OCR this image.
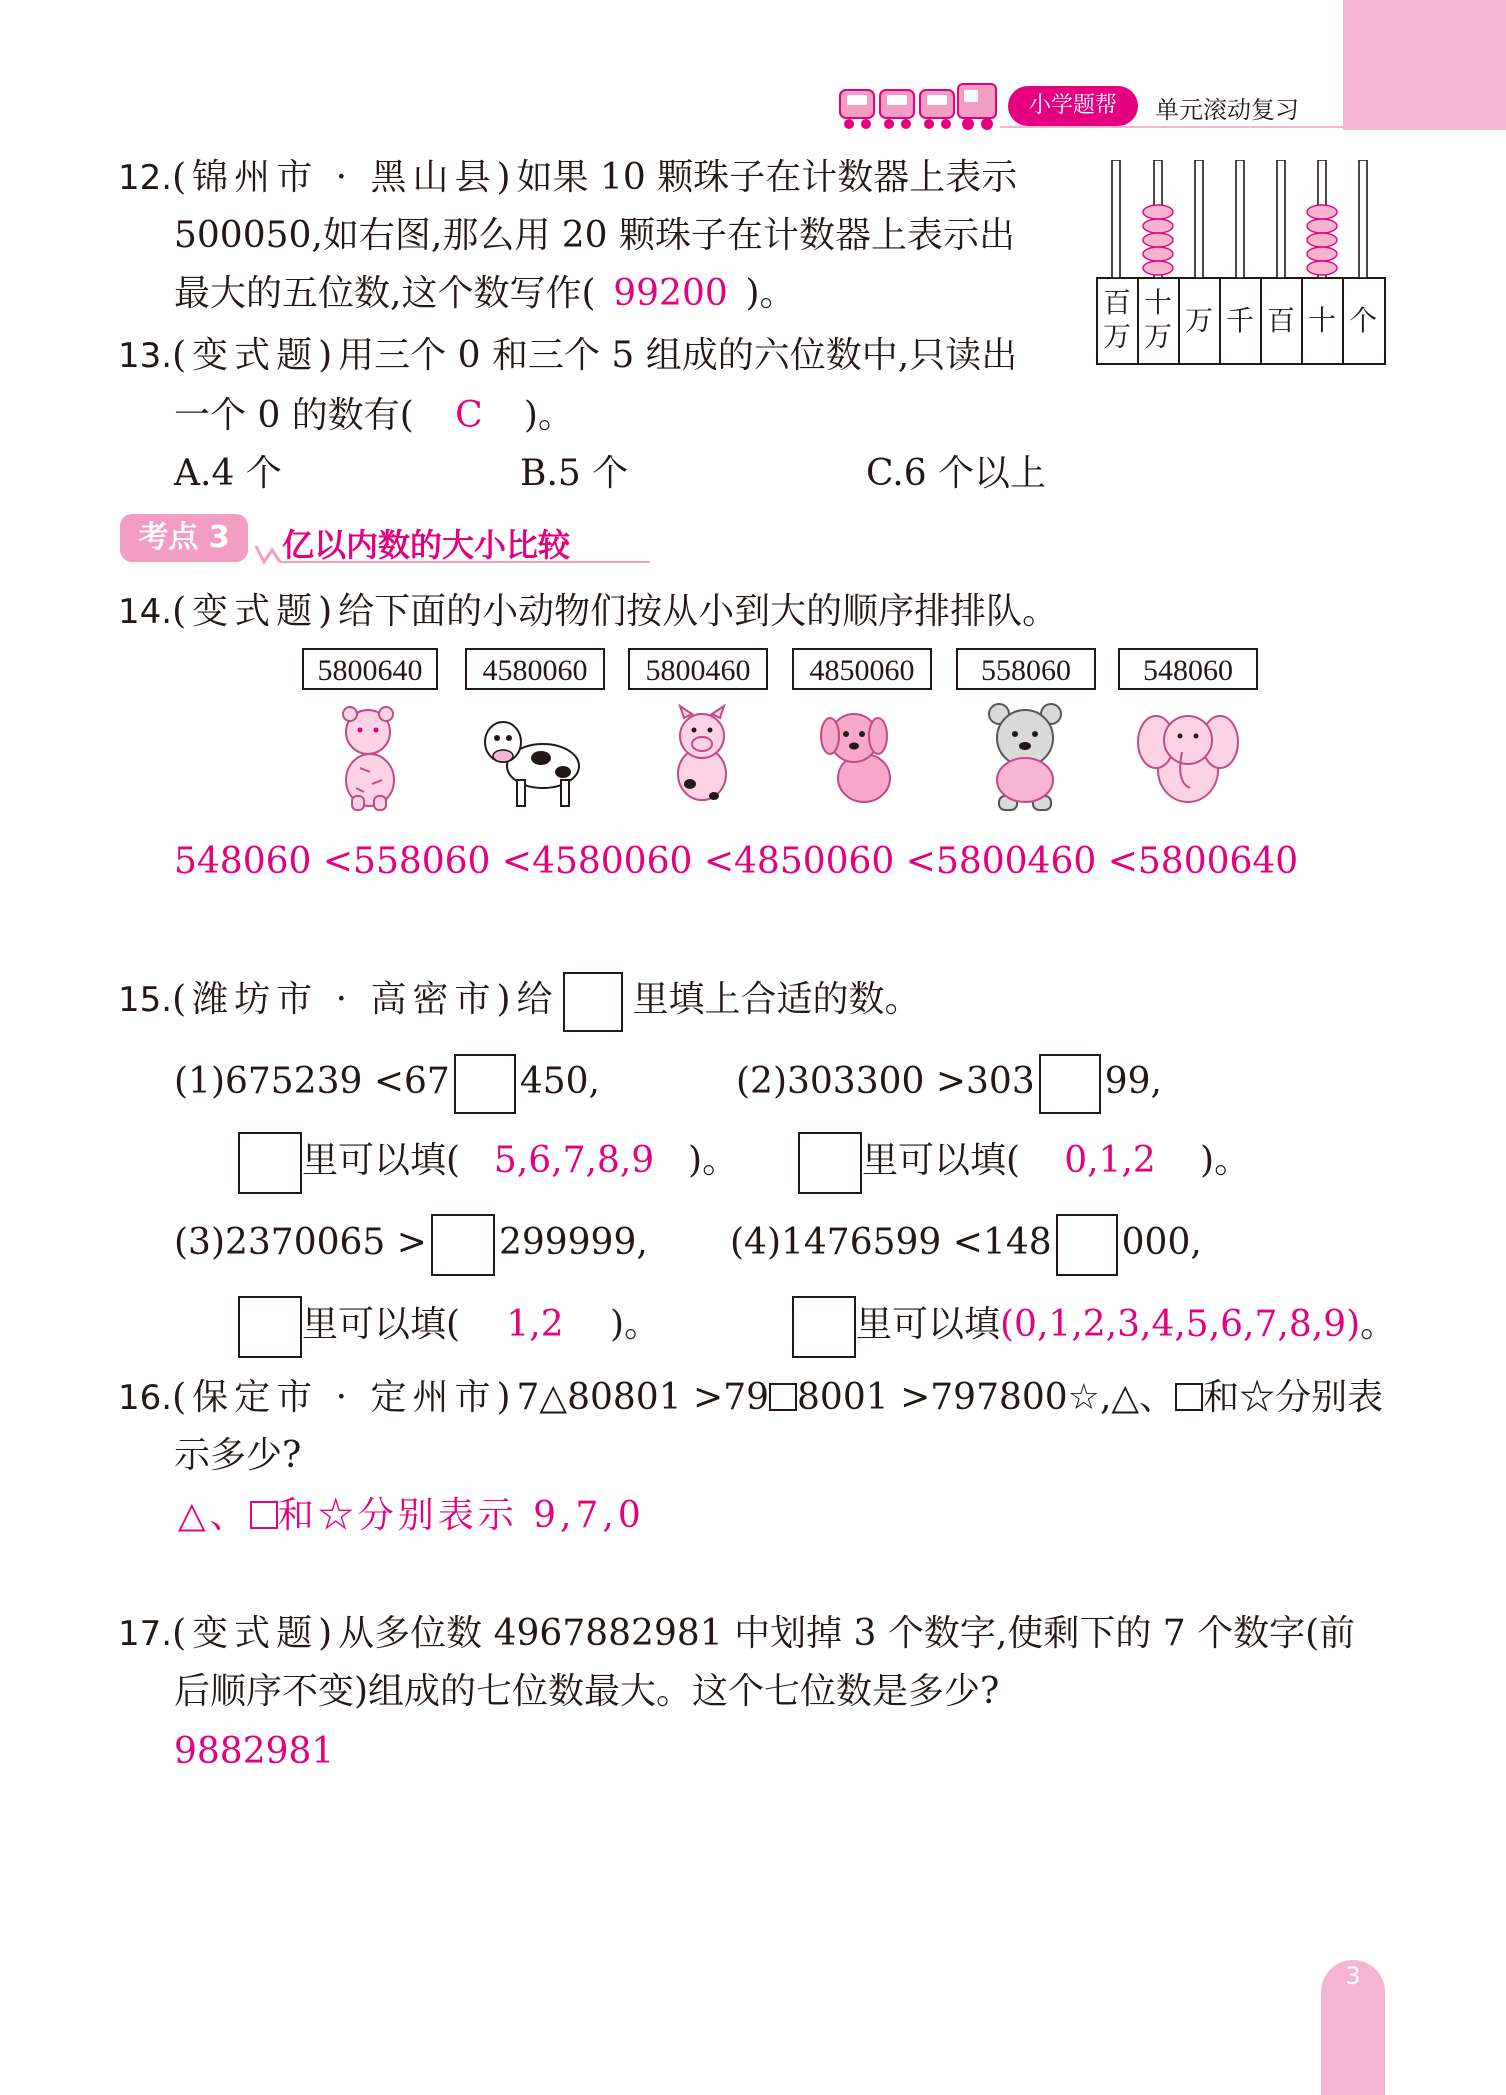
小学题帮	单元滚动复习
12.(锦州市 · 黑山县)如果 10 颗珠子在计数器上表示
500050,如右图,那么用 20 颗珠子在计数器上表示出
最大的五位数,这个数写作( 99200 )。	百
万
十
万 万 千 百 十 个
13.(变式题)用三个 0 和三个 5 组成的六位数中,只读出
一个 0 的数有( C )。
A.4 个	B.5 个	C.6 个以上
考点 3	亿以内数的大小比较
14.(变式题)给下面的小动物们按从小到大的顺序排排队。
5800640	4580060	5800460	4850060	558060	548060
548060 <558060 <4580060 <4850060 <5800460 <5800640
15.(潍坊市 · 高密市)给 里填上合适的数。
(1)675239 <67 450,	(2)303300 >303 99,
里可以填( 5,6,7,8,9 )。	里可以填( 0,1,2 )。
(3)2370065 > 299999, (4)1476599 <148 000,
里可以填( 1,2 )。	里可以填(0,1,2,3,4,5,6,7,8,9)。
16.(保定市 · 定州市)7△80801 >79 8001 >797800☆,△、 和☆分别表
示多少?
△、 和☆分别表示 9,7,0
17.(变式题)从多位数 4967882981 中划掉 3 个数字,使剩下的 7 个数字(前
后顺序不变)组成的七位数最大。这个七位数是多少?
9882981
3
